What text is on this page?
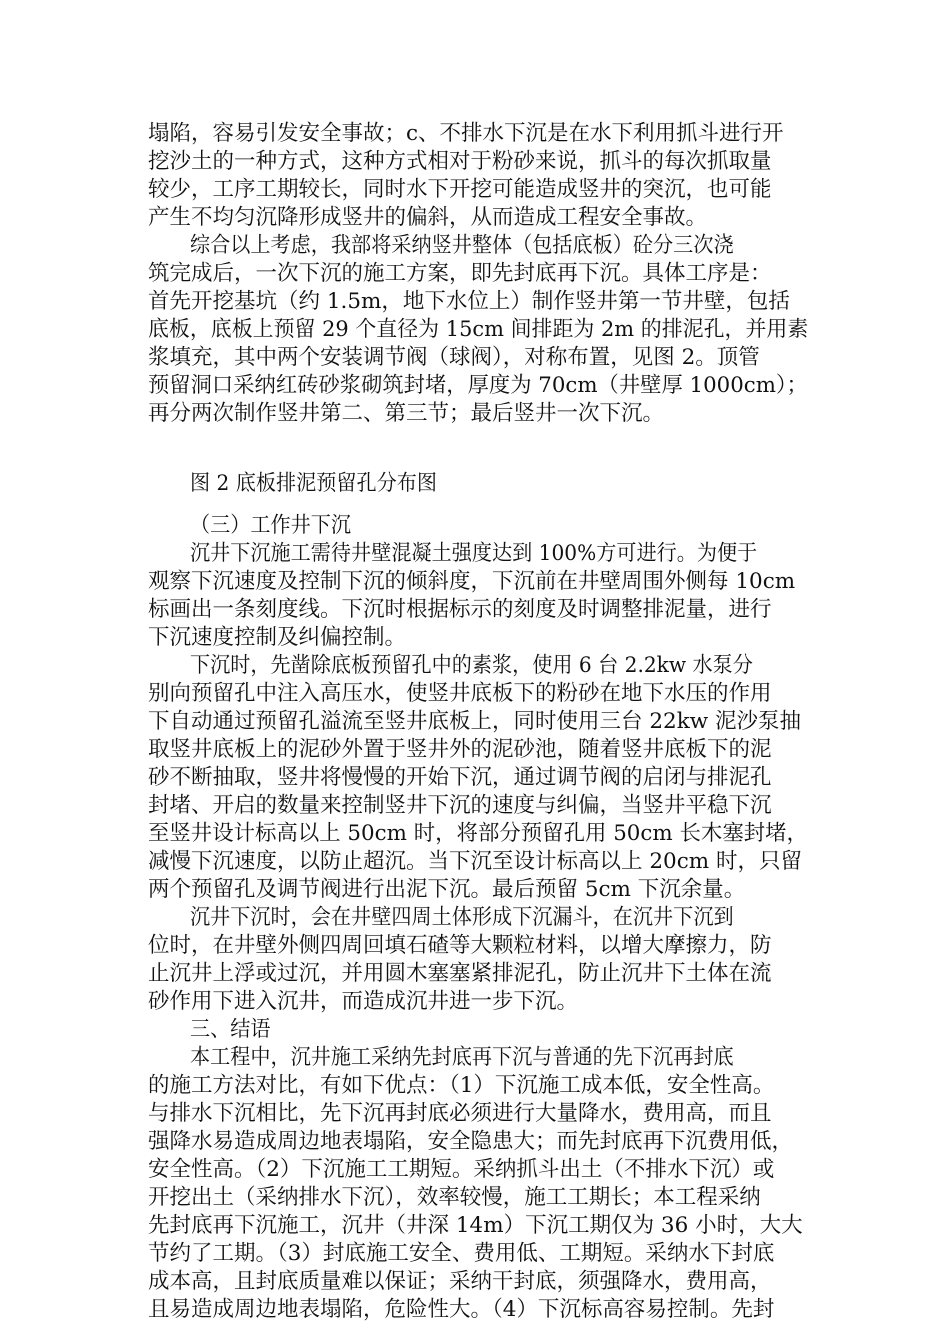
塌陷，容易引发安全事故；c、不排水下沉是在水下利用抓斗进行开
挖沙土的一种方式，这种方式相对于粉砂来说，抓斗的每次抓取量
较少，工序工期较长，同时水下开挖可能造成竖井的突沉，也可能
产生不均匀沉降形成竖井的偏斜，从而造成工程安全事故。
综合以上考虑，我部将采纳竖井整体（包括底板）砼分三次浇
筑完成后，一次下沉的施工方案，即先封底再下沉。具体工序是：
首先开挖基坑（约 1.5m，地下水位上）制作竖井第一节井壁，包括
底板，底板上预留 29 个直径为 15cm 间排距为 2m 的排泥孔，并用素
浆填充，其中两个安装调节阀（球阀），对称布置，见图 2。顶管
预留洞口采纳红砖砂浆砌筑封堵，厚度为 70cm（井壁厚 1000cm）；
再分两次制作竖井第二、第三节；最后竖井一次下沉。
图 2 底板排泥预留孔分布图
（三）工作井下沉
沉井下沉施工需待井壁混凝土强度达到 100%方可进行。为便于
观察下沉速度及控制下沉的倾斜度，下沉前在井壁周围外侧每 10cm
标画出一条刻度线。下沉时根据标示的刻度及时调整排泥量，进行
下沉速度控制及纠偏控制。
下沉时，先凿除底板预留孔中的素浆，使用 6 台 2.2kw 水泵分
别向预留孔中注入高压水，使竖井底板下的粉砂在地下水压的作用
下自动通过预留孔溢流至竖井底板上，同时使用三台 22kw 泥沙泵抽
取竖井底板上的泥砂外置于竖井外的泥砂池，随着竖井底板下的泥
砂不断抽取，竖井将慢慢的开始下沉，通过调节阀的启闭与排泥孔
封堵、开启的数量来控制竖井下沉的速度与纠偏，当竖井平稳下沉
至竖井设计标高以上 50cm 时，将部分预留孔用 50cm 长木塞封堵，
减慢下沉速度，以防止超沉。当下沉至设计标高以上 20cm 时，只留
两个预留孔及调节阀进行出泥下沉。最后预留 5cm 下沉余量。
沉井下沉时，会在井壁四周土体形成下沉漏斗，在沉井下沉到
位时，在井壁外侧四周回填石碴等大颗粒材料，以增大摩擦力，防
止沉井上浮或过沉，并用圆木塞塞紧排泥孔，防止沉井下土体在流
砂作用下进入沉井，而造成沉井进一步下沉。
三、结语
本工程中，沉井施工采纳先封底再下沉与普通的先下沉再封底
的施工方法对比，有如下优点：（1）下沉施工成本低，安全性高。
与排水下沉相比，先下沉再封底必须进行大量降水，费用高，而且
强降水易造成周边地表塌陷，安全隐患大；而先封底再下沉费用低，
安全性高。（2）下沉施工工期短。采纳抓斗出土（不排水下沉）或
开挖出土（采纳排水下沉），效率较慢，施工工期长；本工程采纳
先封底再下沉施工，沉井（井深 14m）下沉工期仅为 36 小时，大大
节约了工期。（3）封底施工安全、费用低、工期短。采纳水下封底
成本高，且封底质量难以保证；采纳干封底，须强降水，费用高，
且易造成周边地表塌陷，危险性大。（4）下沉标高容易控制。先封
